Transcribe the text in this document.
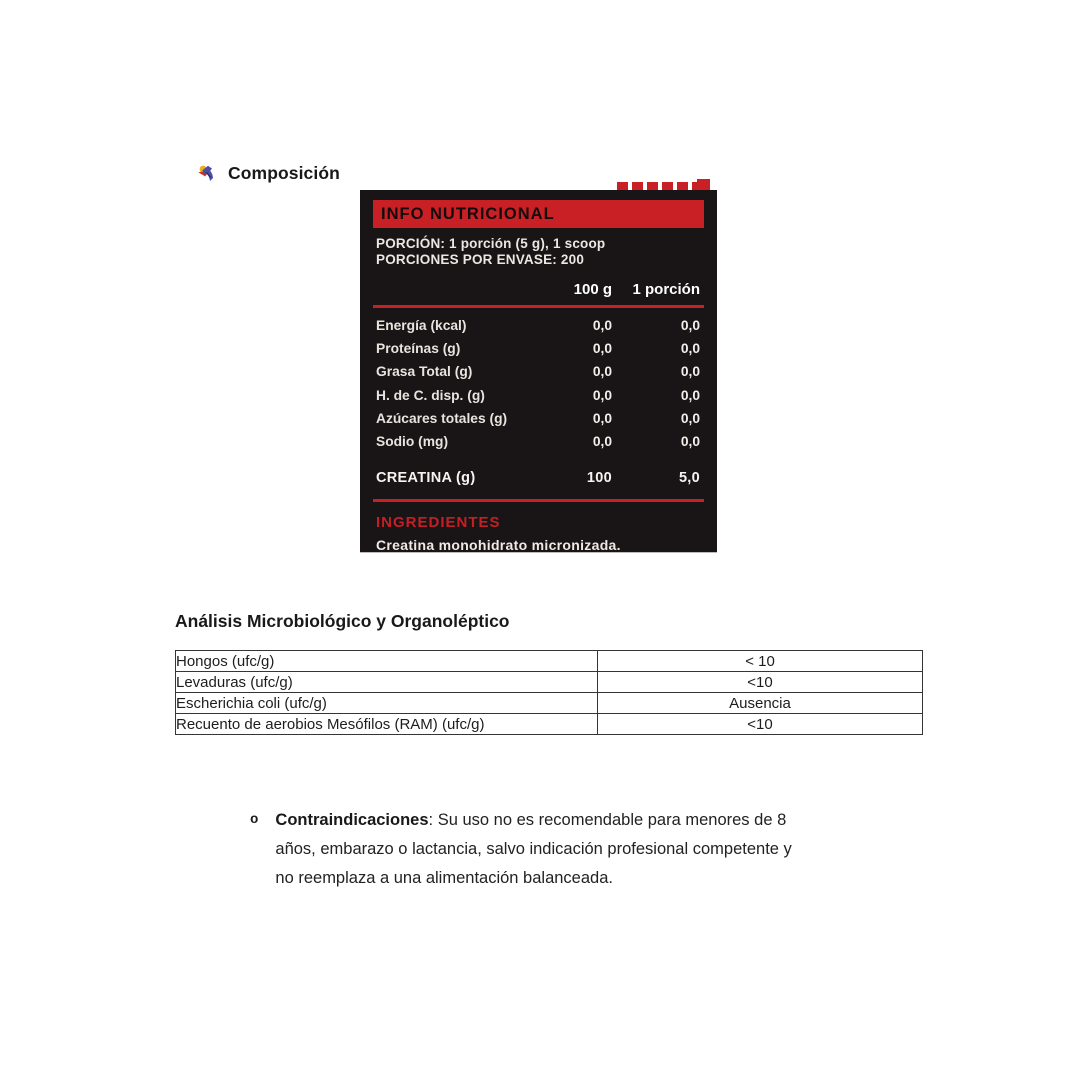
Composición
INFO NUTRICIONAL
PORCIÓN: 1 porción (5 g), 1 scoop
PORCIONES POR ENVASE: 200
100 g	1 porción
Energía (kcal)	0,0	0,0
Proteínas (g)	0,0	0,0
Grasa Total (g)	0,0	0,0
H. de C. disp. (g)	0,0	0,0
Azúcares totales (g)	0,0	0,0
Sodio (mg)	0,0	0,0
CREATINA (g)	100	5,0
INGREDIENTES
Creatina monohidrato micronizada.
Análisis Microbiológico y Organoléptico
Hongos (ufc/g)	< 10
Levaduras (ufc/g)	<10
Escherichia coli (ufc/g)	Ausencia
Recuento de aerobios Mesófilos (RAM) (ufc/g)	<10
o Contraindicaciones: Su uso no es recomendable para menores de 8
años, embarazo o lactancia, salvo indicación profesional competente y
no reemplaza a una alimentación balanceada.
